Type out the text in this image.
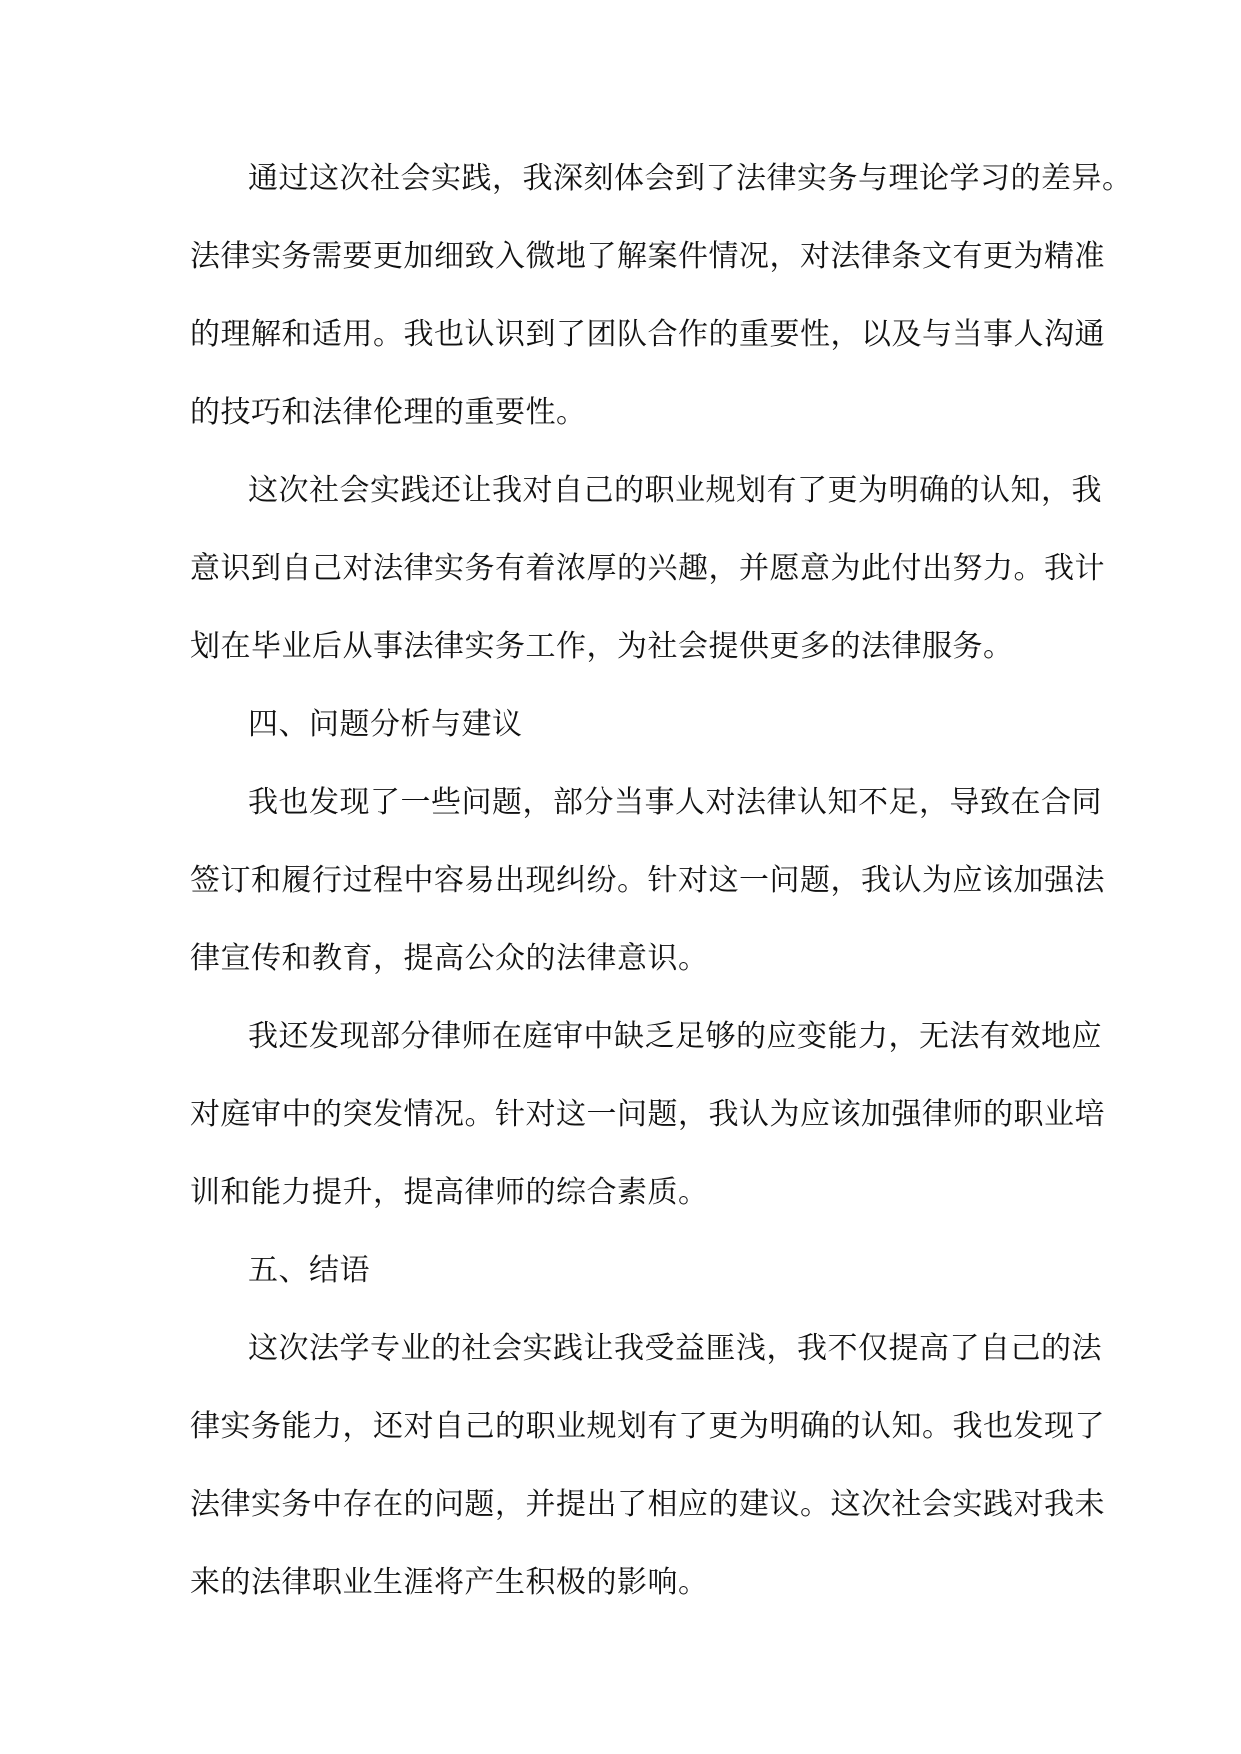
通过这次社会实践，我深刻体会到了法律实务与理论学习的差异。
法律实务需要更加细致入微地了解案件情况，对法律条文有更为精准
的理解和适用。我也认识到了团队合作的重要性，以及与当事人沟通
的技巧和法律伦理的重要性。
这次社会实践还让我对自己的职业规划有了更为明确的认知，我
意识到自己对法律实务有着浓厚的兴趣，并愿意为此付出努力。我计
划在毕业后从事法律实务工作，为社会提供更多的法律服务。
四、问题分析与建议
我也发现了一些问题，部分当事人对法律认知不足，导致在合同
签订和履行过程中容易出现纠纷。针对这一问题，我认为应该加强法
律宣传和教育，提高公众的法律意识。
我还发现部分律师在庭审中缺乏足够的应变能力，无法有效地应
对庭审中的突发情况。针对这一问题，我认为应该加强律师的职业培
训和能力提升，提高律师的综合素质。
五、结语
这次法学专业的社会实践让我受益匪浅，我不仅提高了自己的法
律实务能力，还对自己的职业规划有了更为明确的认知。我也发现了
法律实务中存在的问题，并提出了相应的建议。这次社会实践对我未
来的法律职业生涯将产生积极的影响。
